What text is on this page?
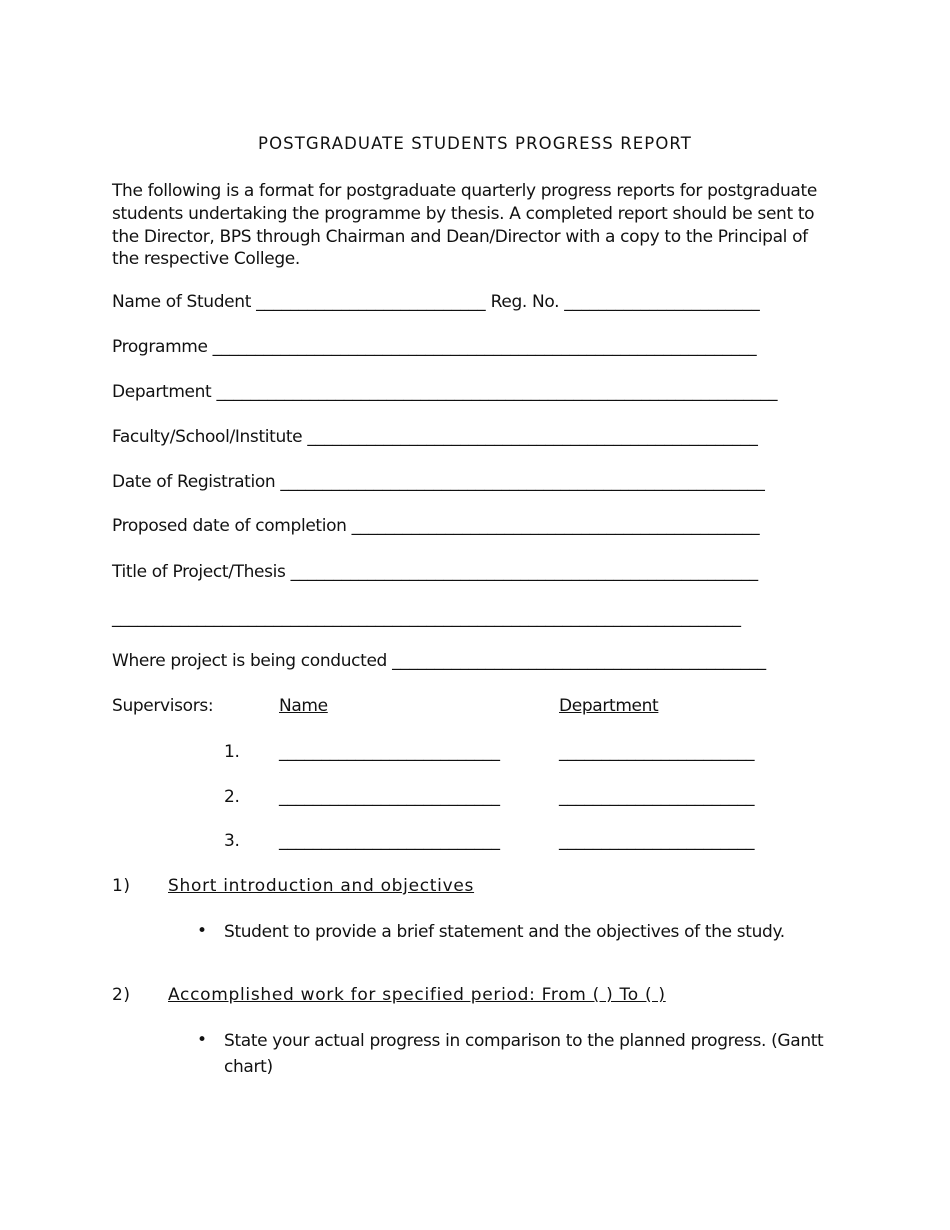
POSTGRADUATE STUDENTS PROGRESS REPORT
The following is a format for postgraduate quarterly progress reports for postgraduate students undertaking the programme by thesis. A completed report should be sent to the Director, BPS through Chairman and Dean/Director with a copy to the Principal of the respective College.
Name of Student ___________________________ Reg. No. _______________________
Programme ________________________________________________________________
Department __________________________________________________________________
Faculty/School/Institute _____________________________________________________
Date of Registration _________________________________________________________
Proposed date of completion ________________________________________________
Title of Project/Thesis _______________________________________________________
__________________________________________________________________________
Where project is being conducted ____________________________________________
Supervisors:	Name	Department
1. __________________________	_______________________
2. __________________________	_______________________
3. __________________________	_______________________
1) Short introduction and objectives
• Student to provide a brief statement and the objectives of the study.
2) Accomplished work for specified period: From ( ) To ( )
• State your actual progress in comparison to the planned progress. (Gantt chart)
